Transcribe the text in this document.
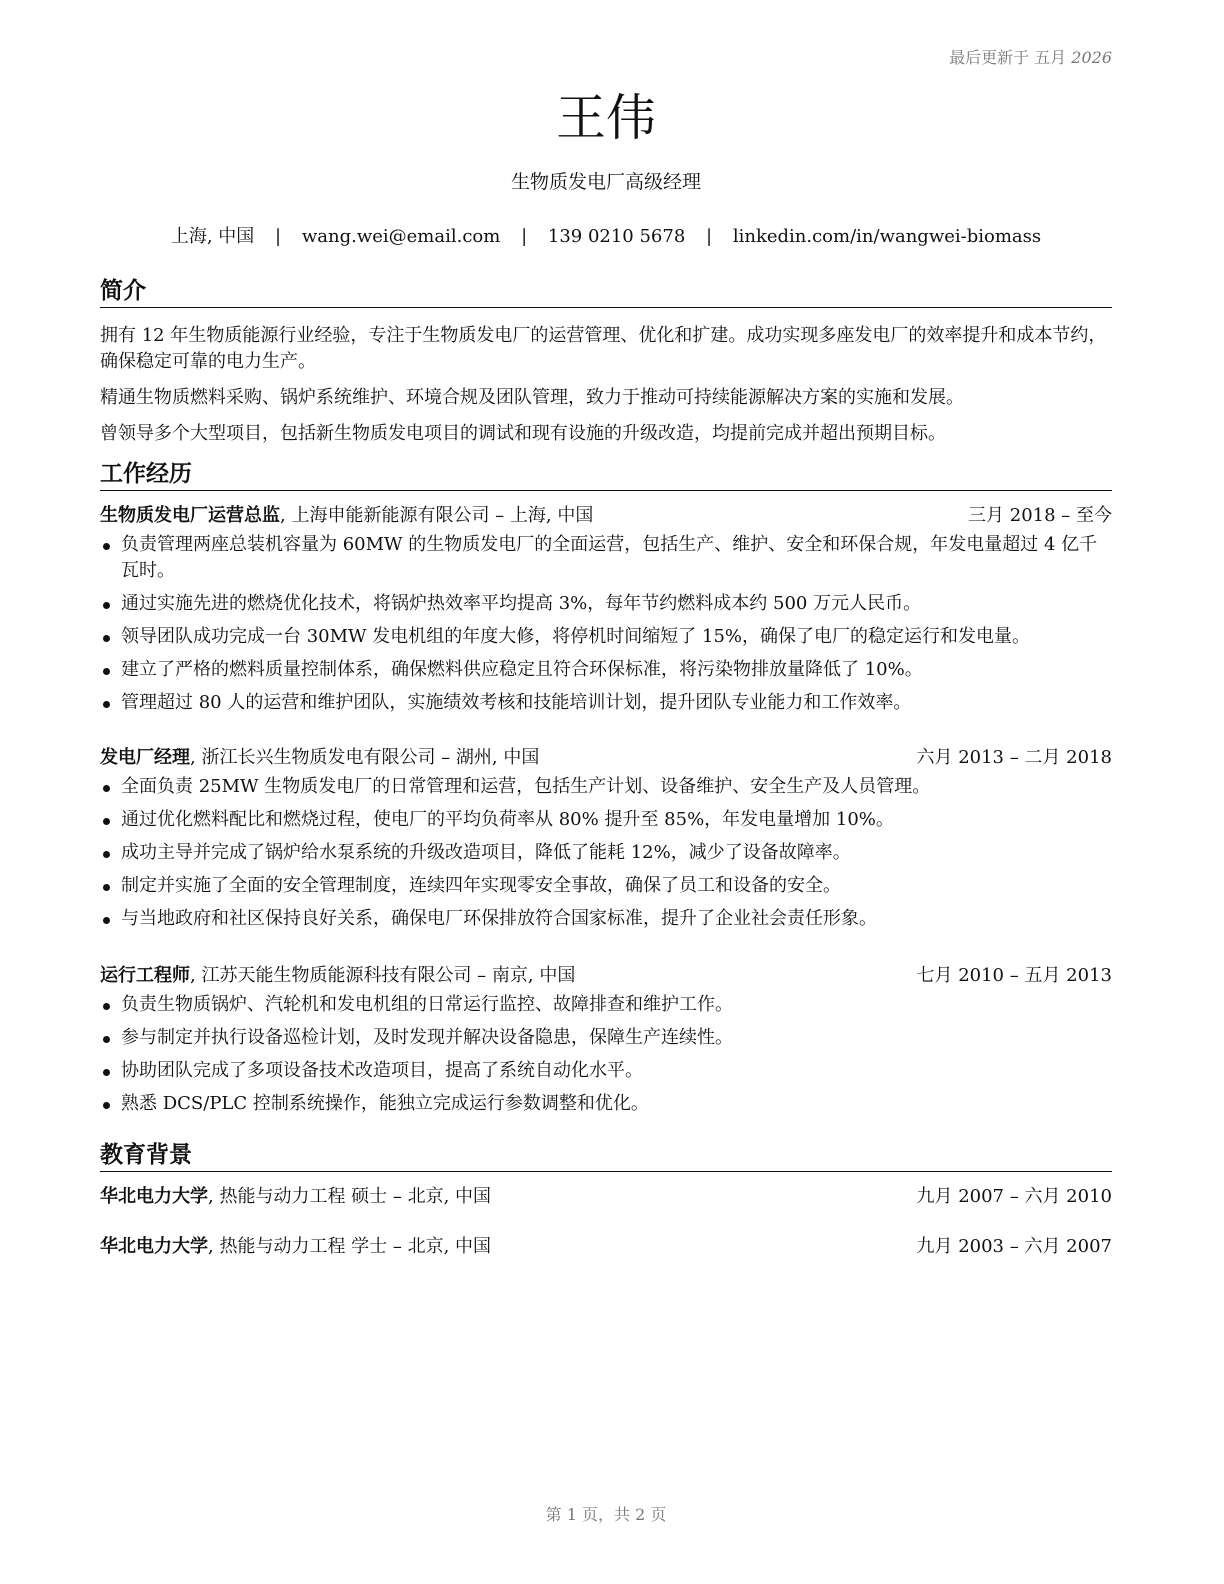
最后更新于 五月 2026
王伟
生物质发电厂高级经理
上海, 中国 | wang.wei@email.com | 139 0210 5678 | linkedin.com/in/wangwei-biomass
简介

拥有 12 年生物质能源行业经验，专注于生物质发电厂的运营管理、优化和扩建。成功实现多座发电厂的效率提升和成本节约，确保稳定可靠的电力生产。

精通生物质燃料采购、锅炉系统维护、环境合规及团队管理，致力于推动可持续能源解决方案的实施和发展。

曾领导多个大型项目，包括新生物质发电项目的调试和现有设施的升级改造，均提前完成并超出预期目标。

工作经历
生物质发电厂运营总监, 上海申能新能源有限公司 – 上海, 中国	三月 2018 – 至今
负责管理两座总装机容量为 60MW 的生物质发电厂的全面运营，包括生产、维护、安全和环保合规，年发电量超过 4 亿千瓦时。
通过实施先进的燃烧优化技术，将锅炉热效率平均提高 3%，每年节约燃料成本约 500 万元人民币。
领导团队成功完成一台 30MW 发电机组的年度大修，将停机时间缩短了 15%，确保了电厂的稳定运行和发电量。
建立了严格的燃料质量控制体系，确保燃料供应稳定且符合环保标准，将污染物排放量降低了 10%。
管理超过 80 人的运营和维护团队，实施绩效考核和技能培训计划，提升团队专业能力和工作效率。
发电厂经理, 浙江长兴生物质发电有限公司 – 湖州, 中国	六月 2013 – 二月 2018
全面负责 25MW 生物质发电厂的日常管理和运营，包括生产计划、设备维护、安全生产及人员管理。
通过优化燃料配比和燃烧过程，使电厂的平均负荷率从 80% 提升至 85%，年发电量增加 10%。
成功主导并完成了锅炉给水泵系统的升级改造项目，降低了能耗 12%，减少了设备故障率。
制定并实施了全面的安全管理制度，连续四年实现零安全事故，确保了员工和设备的安全。
与当地政府和社区保持良好关系，确保电厂环保排放符合国家标准，提升了企业社会责任形象。
运行工程师, 江苏天能生物质能源科技有限公司 – 南京, 中国	七月 2010 – 五月 2013
负责生物质锅炉、汽轮机和发电机组的日常运行监控、故障排查和维护工作。
参与制定并执行设备巡检计划，及时发现并解决设备隐患，保障生产连续性。
协助团队完成了多项设备技术改造项目，提高了系统自动化水平。
熟悉 DCS/PLC 控制系统操作，能独立完成运行参数调整和优化。
教育背景
华北电力大学, 热能与动力工程 硕士 – 北京, 中国	九月 2007 – 六月 2010
华北电力大学, 热能与动力工程 学士 – 北京, 中国	九月 2003 – 六月 2007
第 1 页，共 2 页
